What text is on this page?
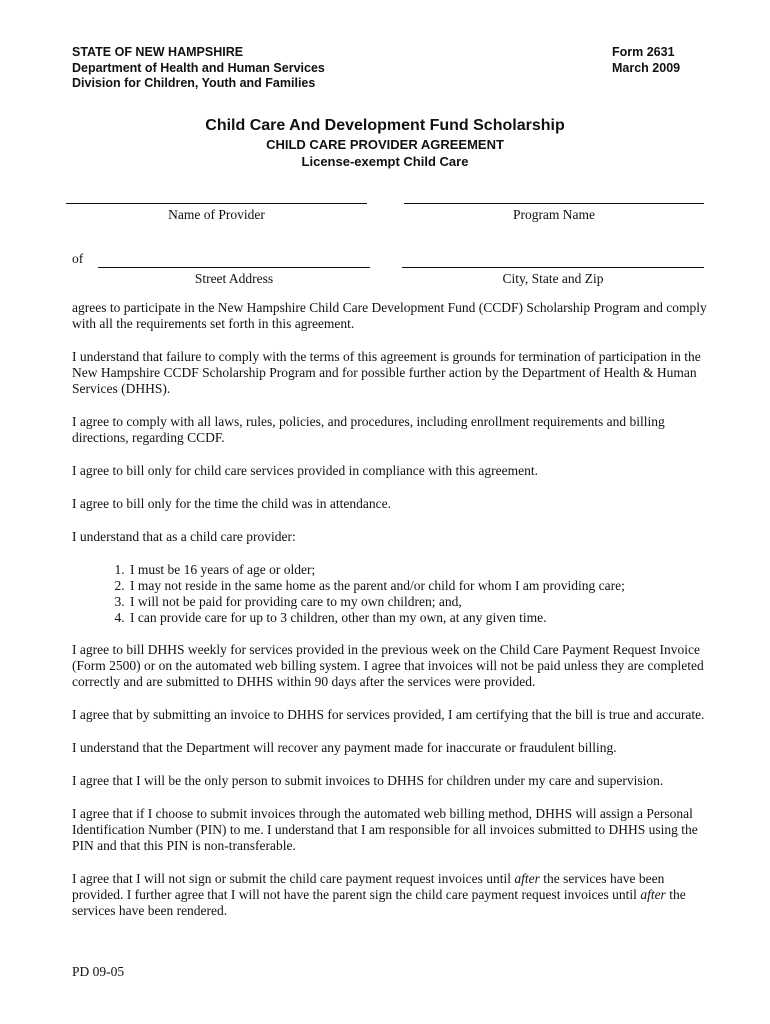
STATE OF NEW HAMPSHIRE
Department of Health and Human Services
Division for Children, Youth and Families
Form 2631
March 2009
Child Care And Development Fund Scholarship
CHILD CARE PROVIDER AGREEMENT
License-exempt Child Care
Name of Provider	Program Name
of
Street Address	City, State and Zip

agrees to participate in the New Hampshire Child Care Development Fund (CCDF) Scholarship Program and comply with all the requirements set forth in this agreement.

I understand that failure to comply with the terms of this agreement is grounds for termination of participation in the New Hampshire CCDF Scholarship Program and for possible further action by the Department of Health & Human Services (DHHS).

I agree to comply with all laws, rules, policies, and procedures, including enrollment requirements and billing directions, regarding CCDF.

I agree to bill only for child care services provided in compliance with this agreement.

I agree to bill only for the time the child was in attendance.

I understand that as a child care provider:

1. I must be 16 years of age or older;
2. I may not reside in the same home as the parent and/or child for whom I am providing care;
3. I will not be paid for providing care to my own children; and,
4. I can provide care for up to 3 children, other than my own, at any given time.

I agree to bill DHHS weekly for services provided in the previous week on the Child Care Payment Request Invoice (Form 2500) or on the automated web billing system. I agree that invoices will not be paid unless they are completed correctly and are submitted to DHHS within 90 days after the services were provided.

I agree that by submitting an invoice to DHHS for services provided, I am certifying that the bill is true and accurate.

I understand that the Department will recover any payment made for inaccurate or fraudulent billing.

I agree that I will be the only person to submit invoices to DHHS for children under my care and supervision.

I agree that if I choose to submit invoices through the automated web billing method, DHHS will assign a Personal Identification Number (PIN) to me. I understand that I am responsible for all invoices submitted to DHHS using the PIN and that this PIN is non-transferable.

I agree that I will not sign or submit the child care payment request invoices until after the services have been provided. I further agree that I will not have the parent sign the child care payment request invoices until after the services have been rendered.

PD 09-05
